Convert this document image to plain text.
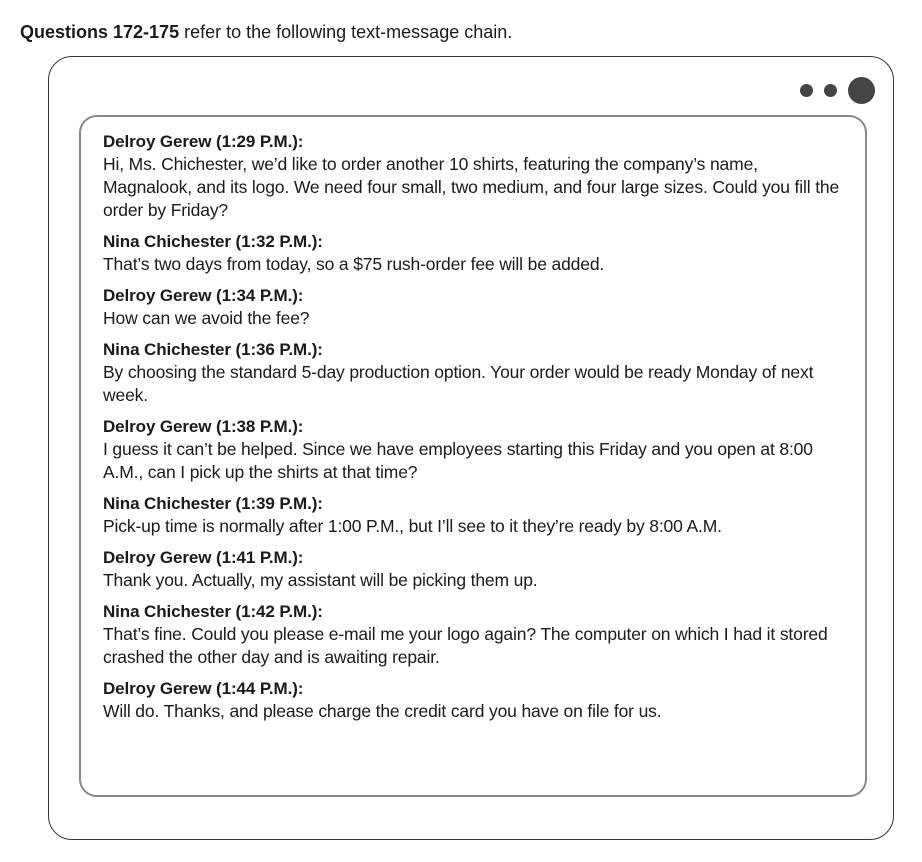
Questions 172-175 refer to the following text-message chain.
Delroy Gerew (1:29 P.M.):
Hi, Ms. Chichester, we’d like to order another 10 shirts, featuring the company’s name, Magnalook, and its logo. We need four small, two medium, and four large sizes. Could you fill the order by Friday?
Nina Chichester (1:32 P.M.):
That’s two days from today, so a $75 rush-order fee will be added.
Delroy Gerew (1:34 P.M.):
How can we avoid the fee?
Nina Chichester (1:36 P.M.):
By choosing the standard 5-day production option. Your order would be ready Monday of next week.
Delroy Gerew (1:38 P.M.):
I guess it can’t be helped. Since we have employees starting this Friday and you open at 8:00 A.M., can I pick up the shirts at that time?
Nina Chichester (1:39 P.M.):
Pick-up time is normally after 1:00 P.M., but I’ll see to it they’re ready by 8:00 A.M.
Delroy Gerew (1:41 P.M.):
Thank you. Actually, my assistant will be picking them up.
Nina Chichester (1:42 P.M.):
That’s fine. Could you please e-mail me your logo again? The computer on which I had it stored crashed the other day and is awaiting repair.
Delroy Gerew (1:44 P.M.):
Will do. Thanks, and please charge the credit card you have on file for us.
